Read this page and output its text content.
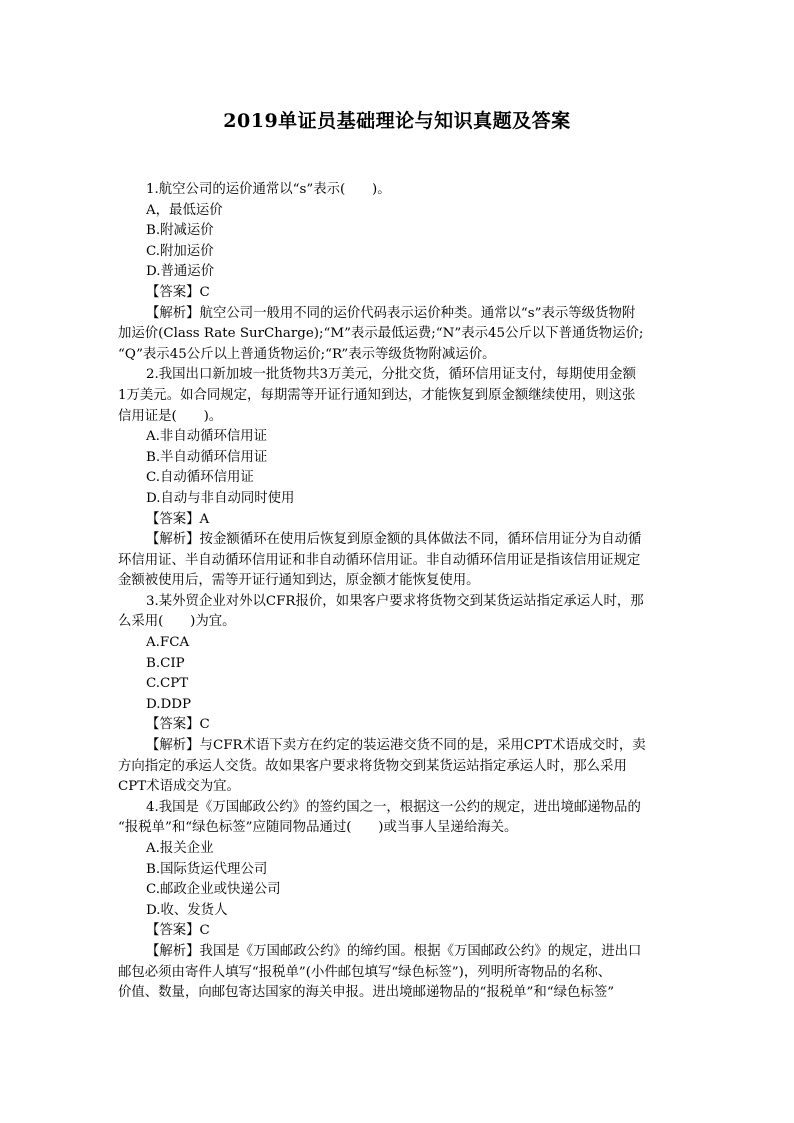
2019单证员基础理论与知识真题及答案
1.航空公司的运价通常以“s”表示(　　)。
A，最低运价
B.附减运价
C.附加运价
D.普通运价
【答案】C
【解析】航空公司一般用不同的运价代码表示运价种类。通常以“s”表示等级货物附
加运价(Class Rate SurCharge);“M”表示最低运费;“N”表示45公斤以下普通货物运价;
“Q”表示45公斤以上普通货物运价;“R”表示等级货物附减运价。
2.我国出口新加坡一批货物共3万美元，分批交货，循环信用证支付，每期使用金额
1万美元。如合同规定，每期需等开证行通知到达，才能恢复到原金额继续使用，则这张
信用证是(　　)。
A.非自动循环信用证
B.半自动循环信用证
C.自动循环信用证
D.自动与非自动同时使用
【答案】A
【解析】按金额循环在使用后恢复到原金额的具体做法不同，循环信用证分为自动循
环信用证、半自动循环信用证和非自动循环信用证。非自动循环信用证是指该信用证规定
金额被使用后，需等开证行通知到达，原金额才能恢复使用。
3.某外贸企业对外以CFR报价，如果客户要求将货物交到某货运站指定承运人时，那
么采用(　　)为宜。
A.FCA
B.CIP
C.CPT
D.DDP
【答案】C
【解析】与CFR术语下卖方在约定的装运港交货不同的是，采用CPT术语成交时，卖
方向指定的承运人交货。故如果客户要求将货物交到某货运站指定承运人时，那么采用
CPT术语成交为宜。
4.我国是《万国邮政公约》的签约国之一，根据这一公约的规定，进出境邮递物品的
“报税单”和“绿色标签”应随同物品通过(　　)或当事人呈递给海关。
A.报关企业
B.国际货运代理公司
C.邮政企业或快递公司
D.收、发货人
【答案】C
【解析】我国是《万国邮政公约》的缔约国。根据《万国邮政公约》的规定，进出口
邮包必须由寄件人填写“报税单”(小件邮包填写“绿色标签”)，列明所寄物品的名称、
价值、数量，向邮包寄达国家的海关申报。进出境邮递物品的“报税单”和“绿色标签”
